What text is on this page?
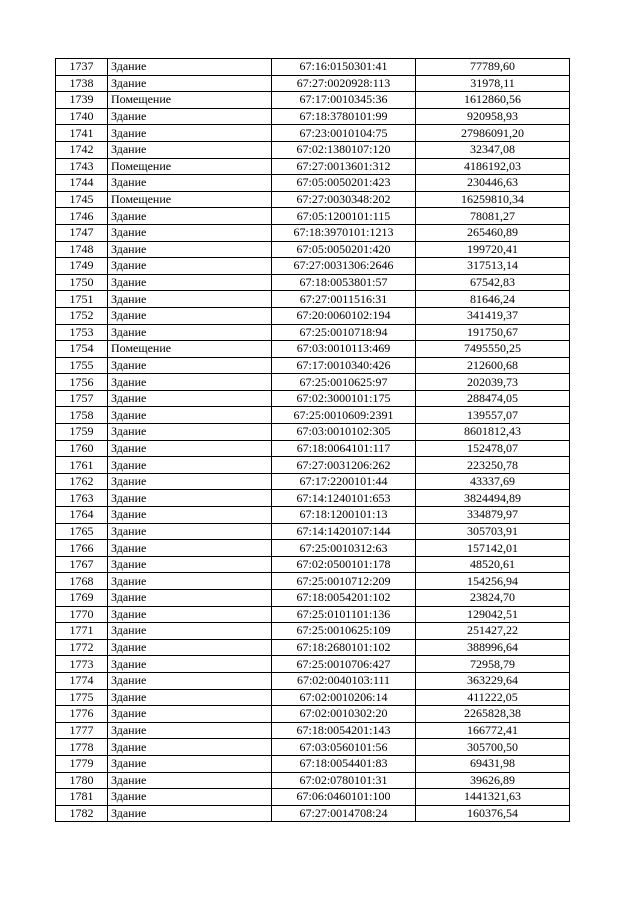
1737	Здание	67:16:0150301:41	77789,60
1738	Здание	67:27:0020928:113	31978,11
1739	Помещение	67:17:0010345:36	1612860,56
1740	Здание	67:18:3780101:99	920958,93
1741	Здание	67:23:0010104:75	27986091,20
1742	Здание	67:02:1380107:120	32347,08
1743	Помещение	67:27:0013601:312	4186192,03
1744	Здание	67:05:0050201:423	230446,63
1745	Помещение	67:27:0030348:202	16259810,34
1746	Здание	67:05:1200101:115	78081,27
1747	Здание	67:18:3970101:1213	265460,89
1748	Здание	67:05:0050201:420	199720,41
1749	Здание	67:27:0031306:2646	317513,14
1750	Здание	67:18:0053801:57	67542,83
1751	Здание	67:27:0011516:31	81646,24
1752	Здание	67:20:0060102:194	341419,37
1753	Здание	67:25:0010718:94	191750,67
1754	Помещение	67:03:0010113:469	7495550,25
1755	Здание	67:17:0010340:426	212600,68
1756	Здание	67:25:0010625:97	202039,73
1757	Здание	67:02:3000101:175	288474,05
1758	Здание	67:25:0010609:2391	139557,07
1759	Здание	67:03:0010102:305	8601812,43
1760	Здание	67:18:0064101:117	152478,07
1761	Здание	67:27:0031206:262	223250,78
1762	Здание	67:17:2200101:44	43337,69
1763	Здание	67:14:1240101:653	3824494,89
1764	Здание	67:18:1200101:13	334879,97
1765	Здание	67:14:1420107:144	305703,91
1766	Здание	67:25:0010312:63	157142,01
1767	Здание	67:02:0500101:178	48520,61
1768	Здание	67:25:0010712:209	154256,94
1769	Здание	67:18:0054201:102	23824,70
1770	Здание	67:25:0101101:136	129042,51
1771	Здание	67:25:0010625:109	251427,22
1772	Здание	67:18:2680101:102	388996,64
1773	Здание	67:25:0010706:427	72958,79
1774	Здание	67:02:0040103:111	363229,64
1775	Здание	67:02:0010206:14	411222,05
1776	Здание	67:02:0010302:20	2265828,38
1777	Здание	67:18:0054201:143	166772,41
1778	Здание	67:03:0560101:56	305700,50
1779	Здание	67:18:0054401:83	69431,98
1780	Здание	67:02:0780101:31	39626,89
1781	Здание	67:06:0460101:100	1441321,63
1782	Здание	67:27:0014708:24	160376,54
